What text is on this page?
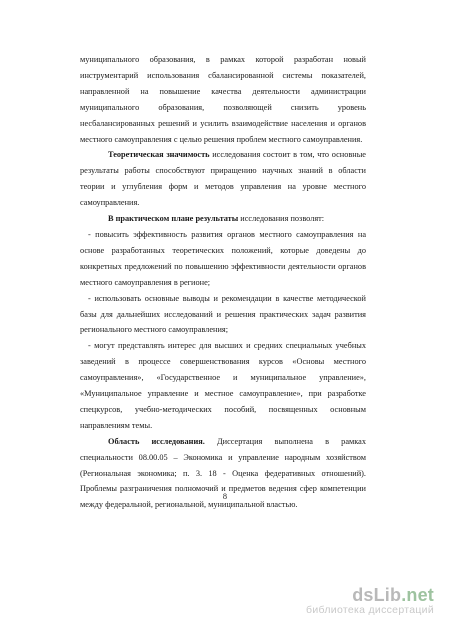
муниципального образования, в рамках которой разработан новый инструментарий использования сбалансированной системы показателей, направленной на повышение качества деятельности администрации муниципального образования, позволяющей снизить уровень несбалансированных решений и усилить взаимодействие населения и органов местного самоуправления с целью решения проблем местного самоуправления.

Теоретическая значимость исследования состоит в том, что основные результаты работы способствуют приращению научных знаний в области теории и углубления форм и методов управления на уровне местного самоуправления.

В практическом плане результаты исследования позволят:

- повысить эффективность развития органов местного самоуправления на основе разработанных теоретических положений, которые доведены до конкретных предложений по повышению эффективности деятельности органов местного самоуправления в регионе;

- использовать основные выводы и рекомендации в качестве методической базы для дальнейших исследований и решения практических задач развития регионального местного самоуправления;

- могут представлять интерес для высших и средних специальных учебных заведений в процессе совершенствования курсов «Основы местного самоуправления», «Государственное и муниципальное управление», «Муниципальное управление и местное самоуправление», при разработке спецкурсов, учебно-методических пособий, посвященных основным направлениям темы.

Область исследования. Диссертация выполнена в рамках специальности 08.00.05 – Экономика и управление народным хозяйством (Региональная экономика; п. 3. 18 - Оценка федеративных отношений). Проблемы разграничения полномочий и предметов ведения сфер компетенции между федеральной, региональной, муниципальной властью.

8
dsLib.net
библиотека диссертаций
